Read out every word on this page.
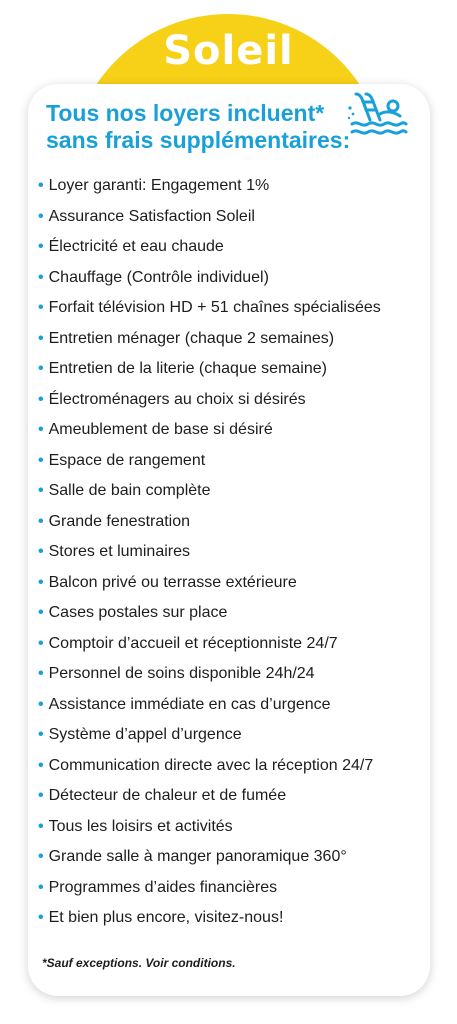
Soleil
Tous nos loyers incluent*
sans frais supplémentaires:
• Loyer garanti: Engagement 1%
• Assurance Satisfaction Soleil
• Électricité et eau chaude
• Chauffage (Contrôle individuel)
• Forfait télévision HD + 51 chaînes spécialisées
• Entretien ménager (chaque 2 semaines)
• Entretien de la literie (chaque semaine)
• Électroménagers au choix si désirés
• Ameublement de base si désiré
• Espace de rangement
• Salle de bain complète
• Grande fenestration
• Stores et luminaires
• Balcon privé ou terrasse extérieure
• Cases postales sur place
• Comptoir d’accueil et réceptionniste 24/7
• Personnel de soins disponible 24h/24
• Assistance immédiate en cas d’urgence
• Système d’appel d’urgence
• Communication directe avec la réception 24/7
• Détecteur de chaleur et de fumée
• Tous les loisirs et activités
• Grande salle à manger panoramique 360°
• Programmes d’aides financières
• Et bien plus encore, visitez-nous!
*Sauf exceptions. Voir conditions.
